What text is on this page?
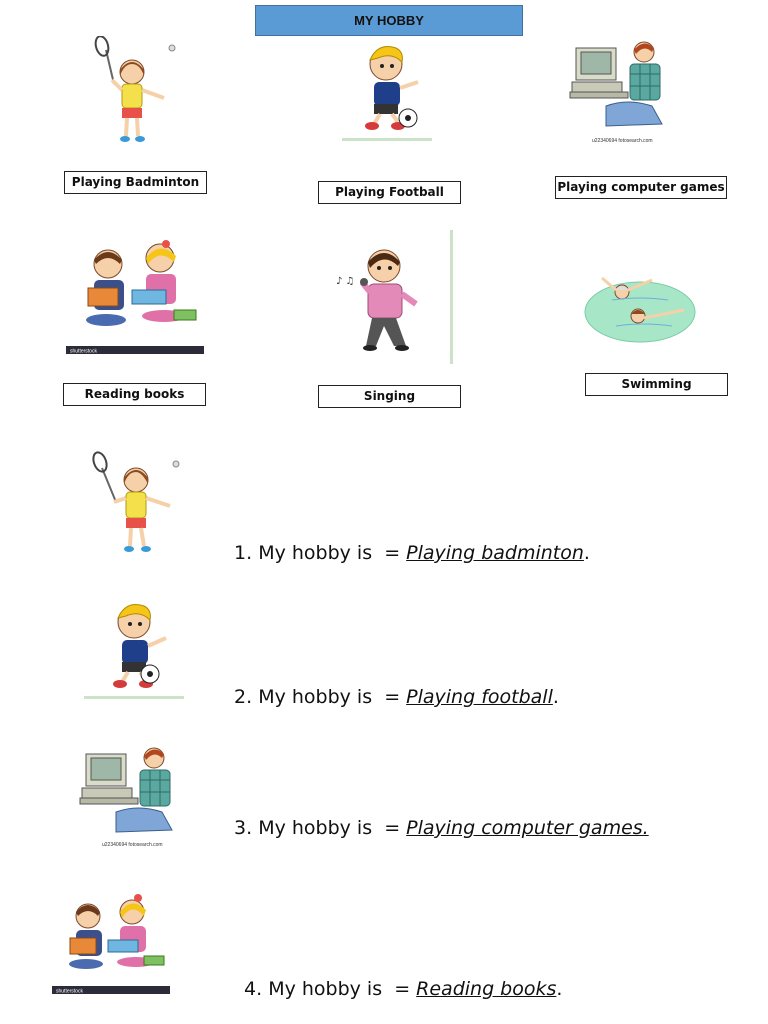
MY HOBBY
u22340694 fotosearch.com
Playing Badminton
Playing Football	Playing computer games
shutterstock
♪ ♫
Reading books	Singing
Swimming
1. My hobby is  = Playing badminton.
2. My hobby is  = Playing football.
u22340694 fotosearch.com
3. My hobby is  = Playing computer games.
shutterstock	4. My hobby is  = Reading books.
